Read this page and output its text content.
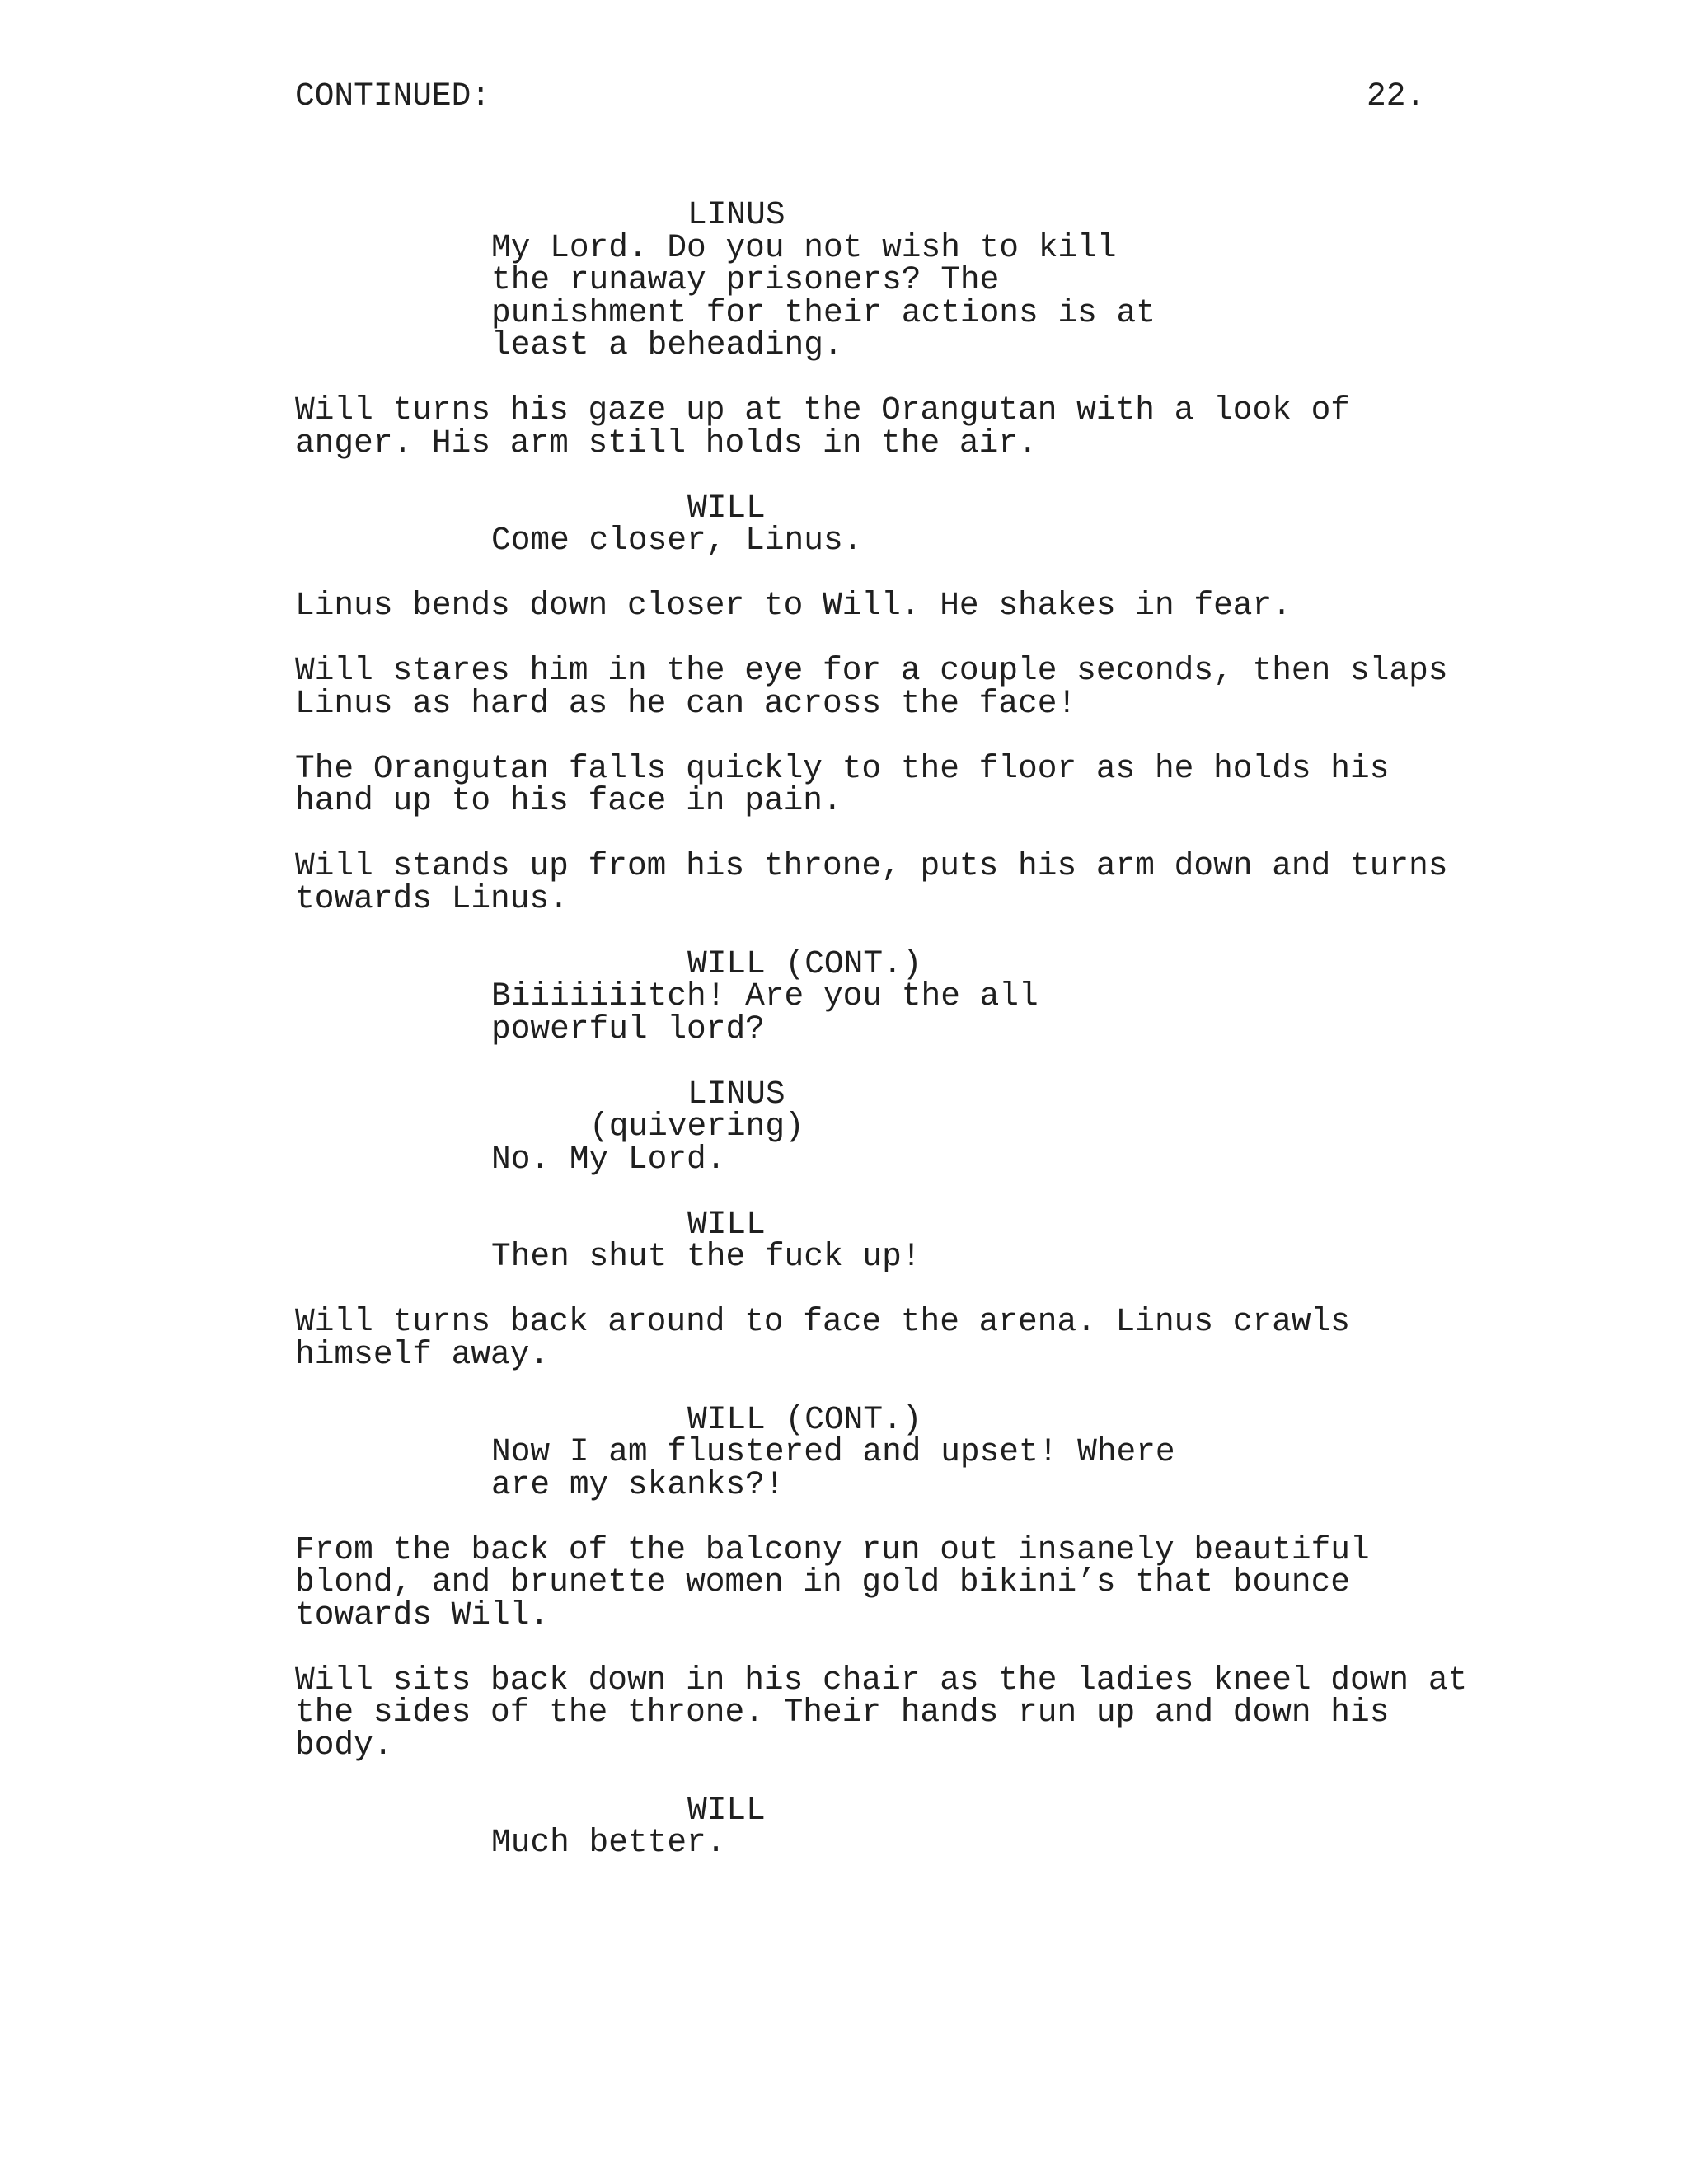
CONTINUED:	22.
LINUS
My Lord. Do you not wish to kill
the runaway prisoners? The
punishment for their actions is at
least a beheading.
Will turns his gaze up at the Orangutan with a look of
anger. His arm still holds in the air.
WILL
Come closer, Linus.
Linus bends down closer to Will. He shakes in fear.
Will stares him in the eye for a couple seconds, then slaps
Linus as hard as he can across the face!
The Orangutan falls quickly to the floor as he holds his
hand up to his face in pain.
Will stands up from his throne, puts his arm down and turns
towards Linus.
WILL (CONT.)
Biiiiiiitch! Are you the all
powerful lord?
LINUS
(quivering)
No. My Lord.
WILL
Then shut the fuck up!
Will turns back around to face the arena. Linus crawls
himself away.
WILL (CONT.)
Now I am flustered and upset! Where
are my skanks?!
From the back of the balcony run out insanely beautiful
blond, and brunette women in gold bikini’s that bounce
towards Will.
Will sits back down in his chair as the ladies kneel down at
the sides of the throne. Their hands run up and down his
body.
WILL
Much better.
